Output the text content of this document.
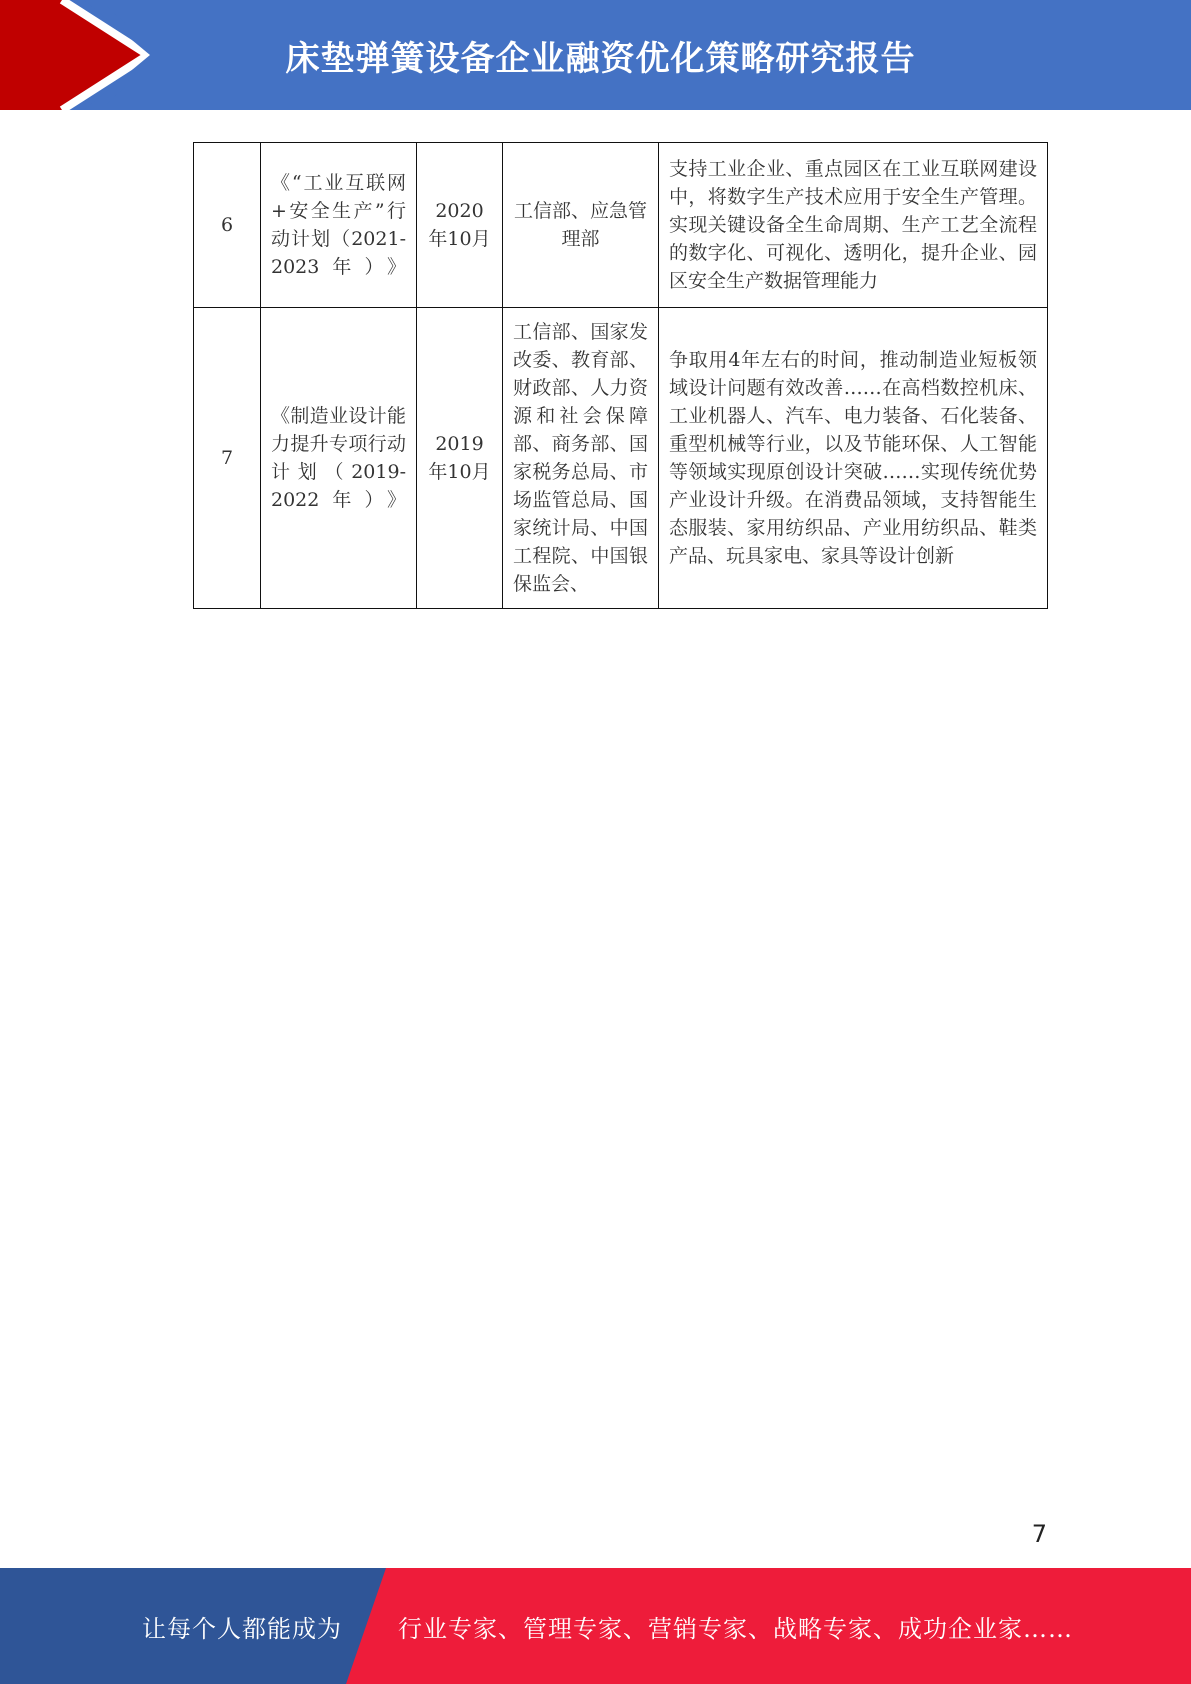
床垫弹簧设备企业融资优化策略研究报告
6	《“工业互联网+安全生产”行动计划（2021-2023年）》	2020年10月	工信部、应急管理部	支持工业企业、重点园区在工业互联网建设中，将数字生产技术应用于安全生产管理。实现关键设备全生命周期、生产工艺全流程的数字化、可视化、透明化，提升企业、园区安全生产数据管理能力
7	《制造业设计能力提升专项行动计划（2019-2022年）》	2019年10月	工信部、国家发改委、教育部、财政部、人力资源和社会保障部、商务部、国家税务总局、市场监管总局、国家统计局、中国工程院、中国银保监会、	争取用4年左右的时间，推动制造业短板领域设计问题有效改善……在高档数控机床、工业机器人、汽车、电力装备、石化装备、重型机械等行业，以及节能环保、人工智能等领域实现原创设计突破……实现传统优势产业设计升级。在消费品领域，支持智能生态服装、家用纺织品、产业用纺织品、鞋类产品、玩具家电、家具等设计创新
7
让每个人都能成为 行业专家、管理专家、营销专家、战略专家、成功企业家……
